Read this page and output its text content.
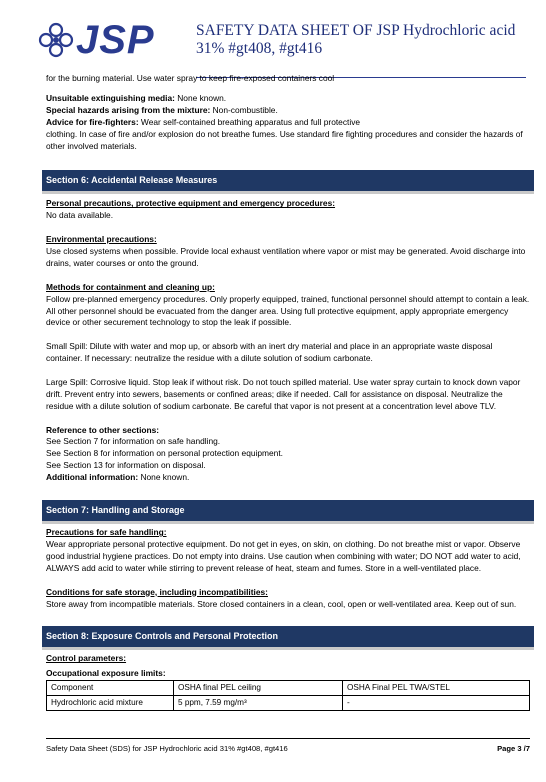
JSP	SAFETY DATA SHEET OF JSP Hydrochloric acid 31% #gt408, #gt416

for the burning material. Use water spray to keep fire-exposed containers cool

Unsuitable extinguishing media: None known.

Special hazards arising from the mixture: Non-combustible.

Advice for fire-fighters: Wear self-contained breathing apparatus and full protective

clothing. In case of fire and/or explosion do not breathe fumes. Use standard fire fighting procedures and consider the hazards of other involved materials.

Section 6: Accidental Release Measures

Personal precautions, protective equipment and emergency procedures:

No data available.

Environmental precautions:

Use closed systems when possible. Provide local exhaust ventilation where vapor or mist may be generated. Avoid discharge into drains, water courses or onto the ground.

Methods for containment and cleaning up:

Follow pre-planned emergency procedures. Only properly equipped, trained, functional personnel should attempt to contain a leak. All other personnel should be evacuated from the danger area. Using full protective equipment, apply appropriate emergency device or other securement technology to stop the leak if possible.

Small Spill: Dilute with water and mop up, or absorb with an inert dry material and place in an appropriate waste disposal container. If necessary: neutralize the residue with a dilute solution of sodium carbonate.

Large Spill: Corrosive liquid. Stop leak if without risk. Do not touch spilled material. Use water spray curtain to knock down vapor drift. Prevent entry into sewers, basements or confined areas; dike if needed. Call for assistance on disposal. Neutralize the residue with a dilute solution of sodium carbonate. Be careful that vapor is not present at a concentration level above TLV.

Reference to other sections:

See Section 7 for information on safe handling.

See Section 8 for information on personal protection equipment.

See Section 13 for information on disposal.

Additional information: None known.

Section 7: Handling and Storage

Precautions for safe handling:

Wear appropriate personal protective equipment. Do not get in eyes, on skin, on clothing. Do not breathe mist or vapor. Observe good industrial hygiene practices. Do not empty into drains. Use caution when combining with water; DO NOT add water to acid, ALWAYS add acid to water while stirring to prevent release of heat, steam and fumes. Store in a well-ventilated place.

Conditions for safe storage, including incompatibilities:

Store away from incompatible materials. Store closed containers in a clean, cool, open or well-ventilated area. Keep out of sun.

Section 8: Exposure Controls and Personal Protection

Control parameters:

Occupational exposure limits:

Component	OSHA final PEL ceiling	OSHA Final PEL TWA/STEL
Hydrochloric acid mixture	5 ppm, 7.59 mg/m³	-
Safety Data Sheet (SDS) for JSP Hydrochloric acid 31% #gt408, #gt416	Page 3 /7
